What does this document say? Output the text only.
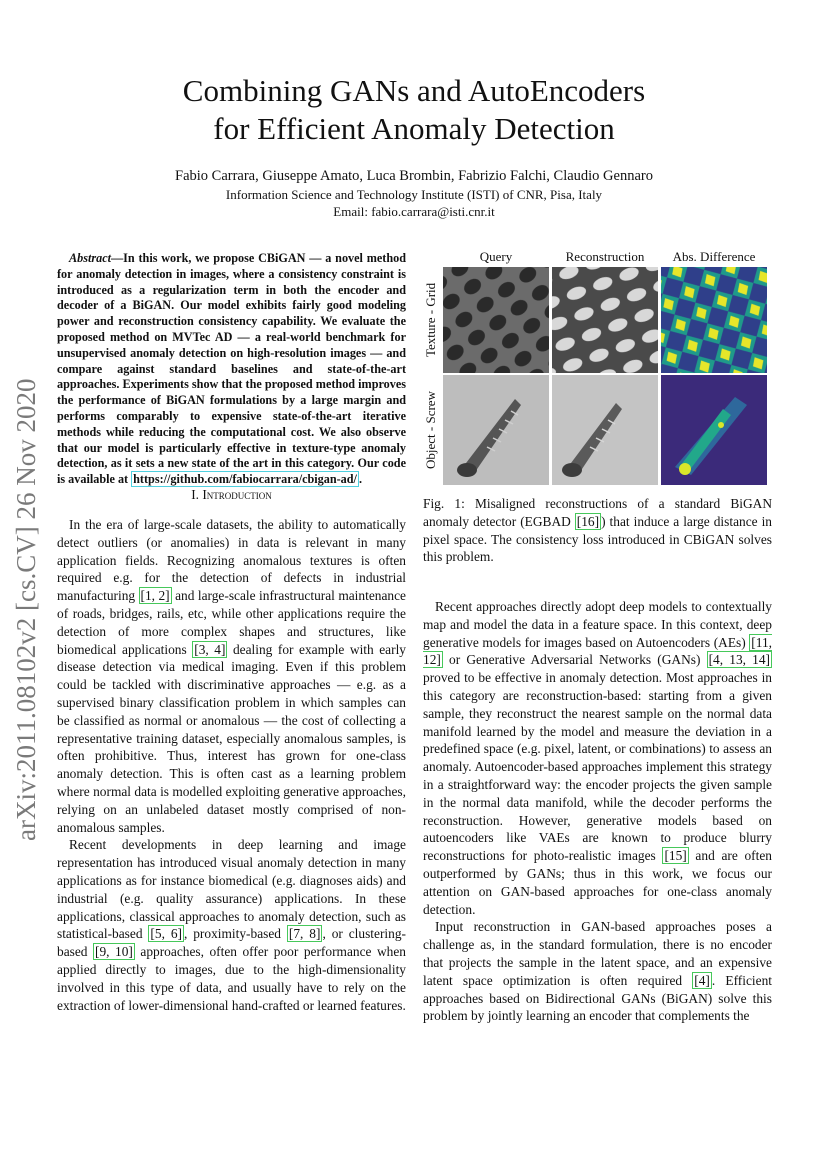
arXiv:2011.08102v2 [cs.CV] 26 Nov 2020
Combining GANs and AutoEncoders
for Efficient Anomaly Detection
Fabio Carrara, Giuseppe Amato, Luca Brombin, Fabrizio Falchi, Claudio Gennaro
Information Science and Technology Institute (ISTI) of CNR, Pisa, Italy
Email: fabio.carrara@isti.cnr.it

Abstract—In this work, we propose CBiGAN — a novel method for anomaly detection in images, where a consistency constraint is introduced as a regularization term in both the encoder and decoder of a BiGAN. Our model exhibits fairly good modeling power and reconstruction consistency capability. We evaluate the proposed method on MVTec AD — a real-world benchmark for unsupervised anomaly detection on high-resolution images — and compare against standard baselines and state-of-the-art approaches. Experiments show that the proposed method improves the performance of BiGAN formulations by a large margin and performs comparably to expensive state-of-the-art iterative methods while reducing the computational cost. We also observe that our model is particularly effective in texture-type anomaly detection, as it sets a new state of the art in this category. Our code is available at https://github.com/fabiocarrara/cbigan-ad/ .

I. Introduction

In the era of large-scale datasets, the ability to automatically detect outliers (or anomalies) in data is relevant in many application fields. Recognizing anomalous textures is often required e.g. for the detection of defects in industrial manufacturing [1, 2] and large-scale infrastructural maintenance of roads, bridges, rails, etc, while other applications require the detection of more complex shapes and structures, like biomedical applications [3, 4] dealing for example with early disease detection via medical imaging. Even if this problem could be tackled with discriminative approaches — e.g. as a supervised binary classification problem in which samples can be classified as normal or anomalous — the cost of collecting a representative training dataset, especially anomalous samples, is often prohibitive. Thus, interest has grown for one-class anomaly detection. This is often cast as a learning problem where normal data is modelled exploiting generative approaches, relying on an unlabeled dataset mostly comprised of non-anomalous samples.

Recent developments in deep learning and image representation has introduced visual anomaly detection in many applications as for instance biomedical (e.g. diagnoses aids) and industrial (e.g. quality assurance) applications. In these applications, classical approaches to anomaly detection, such as statistical-based [5, 6] , proximity-based [7, 8] , or clustering-based [9, 10] approaches, often offer poor performance when applied directly to images, due to the high-dimensionality involved in this type of data, and usually have to rely on the extraction of lower-dimensional hand-crafted or learned features.

Query	Reconstruction	Abs. Difference
Texture - Grid
Object - Screw

Fig. 1: Misaligned reconstructions of a standard BiGAN anomaly detector (EGBAD [16] ) that induce a large distance in pixel space. The consistency loss introduced in CBiGAN solves this problem.

Recent approaches directly adopt deep models to contextually map and model the data in a feature space. In this context, deep generative models for images based on Autoencoders (AEs) [11, 12] or Generative Adversarial Networks (GANs) [4, 13, 14] proved to be effective in anomaly detection. Most approaches in this category are reconstruction-based: starting from a given sample, they reconstruct the nearest sample on the normal data manifold learned by the model and measure the deviation in a predefined space (e.g. pixel, latent, or combinations) to assess an anomaly. Autoencoder-based approaches implement this strategy in a straightforward way: the encoder projects the given sample in the normal data manifold, while the decoder performs the reconstruction. However, generative models based on autoencoders like VAEs are known to produce blurry reconstructions for photo-realistic images [15] and are often outperformed by GANs; thus in this work, we focus our attention on GAN-based approaches for one-class anomaly detection.

Input reconstruction in GAN-based approaches poses a challenge as, in the standard formulation, there is no encoder that projects the sample in the latent space, and an expensive latent space optimization is often required [4] . Efficient approaches based on Bidirectional GANs (BiGAN) solve this problem by jointly learning an encoder that complements the
